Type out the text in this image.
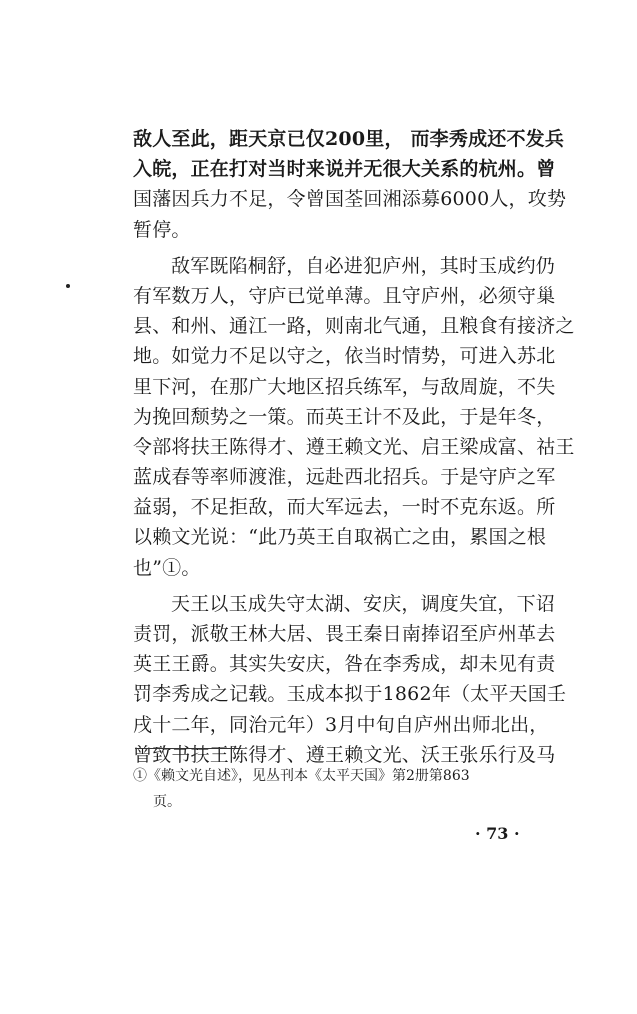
敌人至此，距天京已仅200里， 而李秀成还不发兵
入皖，正在打对当时来说并无很大关系的杭州。曾
国藩因兵力不足，令曾国荃回湘添募6000人，攻势
暂停。
敌军既陷桐舒，自必进犯庐州，其时玉成约仍
有军数万人，守庐已觉单薄。且守庐州，必须守巢
县、和州、通江一路，则南北气通，且粮食有接济之
地。如觉力不足以守之，依当时情势，可进入苏北
里下河，在那广大地区招兵练军，与敌周旋，不失
为挽回颓势之一策。而英王计不及此，于是年冬，
令部将扶王陈得才、遵王赖文光、启王梁成富、祜王
蓝成春等率师渡淮，远赴西北招兵。于是守庐之军
益弱，不足拒敌，而大军远去，一时不克东返。所
以赖文光说：“此乃英王自取祸亡之由，累国之根
也”①。
天王以玉成失守太湖、安庆，调度失宜，下诏
责罚，派敬王林大居、畏王秦日南捧诏至庐州革去
英王王爵。其实失安庆，咎在李秀成，却未见有责
罚李秀成之记载。玉成本拟于1862年（太平天国壬
戌十二年，同治元年）3月中旬自庐州出师北出，
曾致书扶王陈得才、遵王赖文光、沃王张乐行及马
①《赖文光自述》，见丛刊本《太平天国》第2册第863
页。
· 73 ·
